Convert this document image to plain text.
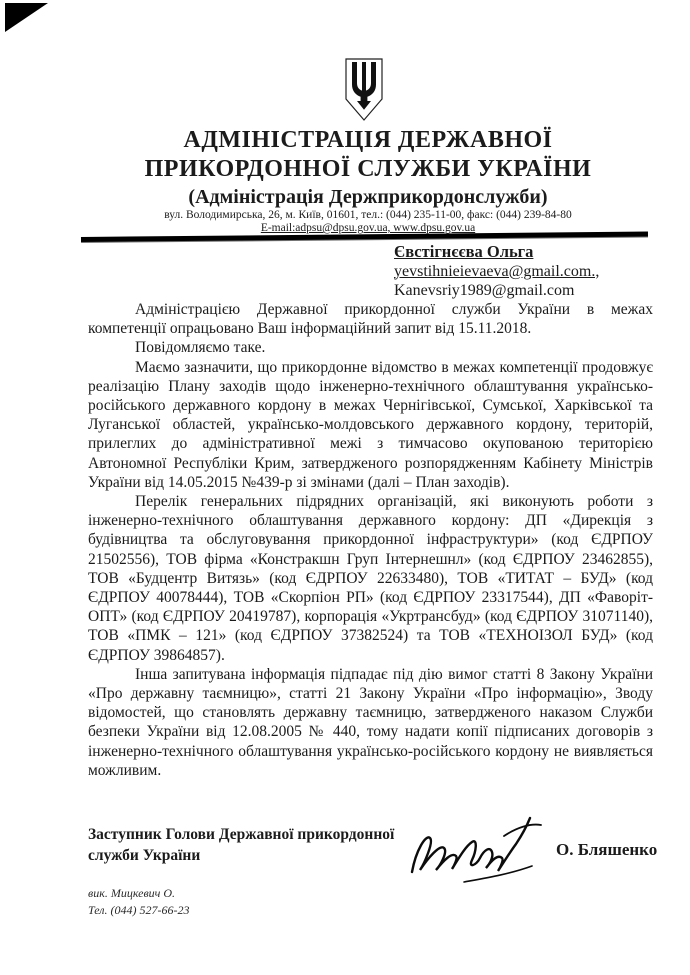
АДМІНІСТРАЦІЯ ДЕРЖАВНОЇ
ПРИКОРДОННОЇ СЛУЖБИ УКРАЇНИ
(Адміністрація Держприкордонслужби)
вул. Володимирська, 26, м. Київ, 01601, тел.: (044) 235-11-00, факс: (044) 239-84-80
E-mail:adpsu@dpsu.gov.ua, www.dpsu.gov.ua
Євстігнєєва Ольга
yevstihnieievaeva@gmail.com.,
Kanevsriy1989@gmail.com

Адміністрацією Державної прикордонної служби України в межах компетенції опрацьовано Ваш інформаційний запит від 15.11.2018.

Повідомляємо таке.

Маємо зазначити, що прикордонне відомство в межах компетенції продовжує реалізацію Плану заходів щодо інженерно-технічного облаштування українсько-російського державного кордону в межах Чернігівської, Сумської, Харківської та Луганської областей, українсько-молдовського державного кордону, територій, прилеглих до адміністративної межі з тимчасово окупованою територією Автономної Республіки Крим, затвердженого розпорядженням Кабінету Міністрів України від 14.05.2015 №439-р зі змінами (далі – План заходів).

Перелік генеральних підрядних організацій, які виконують роботи з інженерно-технічного облаштування державного кордону: ДП «Дирекція з будівництва та обслуговування прикордонної інфраструктури» (код ЄДРПОУ 21502556), ТОВ фірма «Констракшн Груп Інтернешнл» (код ЄДРПОУ 23462855), ТОВ «Будцентр Витязь» (код ЄДРПОУ 22633480), ТОВ «ТИТАТ – БУД» (код ЄДРПОУ 40078444), ТОВ «Скорпіон РП» (код ЄДРПОУ 23317544), ДП «Фаворіт-ОПТ» (код ЄДРПОУ 20419787), корпорація «Укртрансбуд» (код ЄДРПОУ 31071140), ТОВ «ПМК – 121» (код ЄДРПОУ 37382524) та ТОВ «ТЕХНОІЗОЛ БУД» (код ЄДРПОУ 39864857).

Інша запитувана інформація підпадає під дію вимог статті 8 Закону України «Про державну таємницю», статті 21 Закону України «Про інформацію», Зводу відомостей, що становлять державну таємницю, затвердженого наказом Служби безпеки України від 12.08.2005 № 440, тому надати копії підписаних договорів з інженерно-технічного облаштування українсько-російського кордону не виявляється можливим.

Заступник Голови Державної прикордонної
служби України	О. Бляшенко
вик. Мицкевич О.
Тел. (044) 527-66-23
